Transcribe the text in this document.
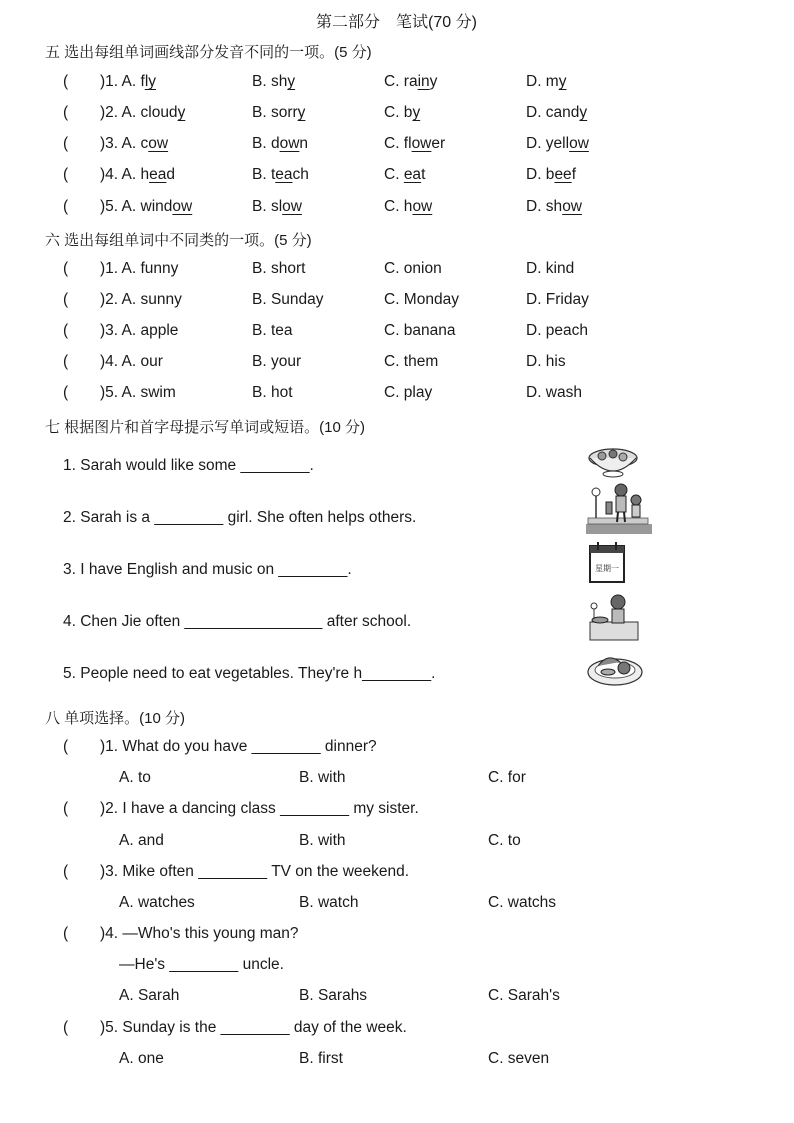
第二部分　笔试(70 分)
五 选出每组单词画线部分发音不同的一项。(5 分)
( )1. A. fly	B. shy	C. rainy	D. my
( )2. A. cloudy	B. sorry	C. by	D. candy
( )3. A. cow	B. down	C. flower	D. yellow
( )4. A. head	B. teach	C. eat	D. beef
( )5. A. window	B. slow	C. how	D. show
六 选出每组单词中不同类的一项。(5 分)
( )1. A. funny	B. short	C. onion	D. kind
( )2. A. sunny	B. Sunday	C. Monday	D. Friday
( )3. A. apple	B. tea	C. banana	D. peach
( )4. A. our	B. your	C. them	D. his
( )5. A. swim	B. hot	C. play	D. wash
七 根据图片和首字母提示写单词或短语。(10 分)
1. Sarah would like some ________.
2. Sarah is a ________ girl. She often helps others.
3. I have English and music on ________.
4. Chen Jie often ________________ after school.
5. People need to eat vegetables. They're h________.
星期一
八 单项选择。(10 分)
( )1. What do you have ________ dinner?
A. to	B. with	C. for
( )2. I have a dancing class ________ my sister.
A. and	B. with	C. to
( )3. Mike often ________ TV on the weekend.
A. watches	B. watch	C. watchs
( )4. —Who's this young man?
—He's ________ uncle.
A. Sarah	B. Sarahs	C. Sarah's
( )5. Sunday is the ________ day of the week.
A. one	B. first	C. seven
